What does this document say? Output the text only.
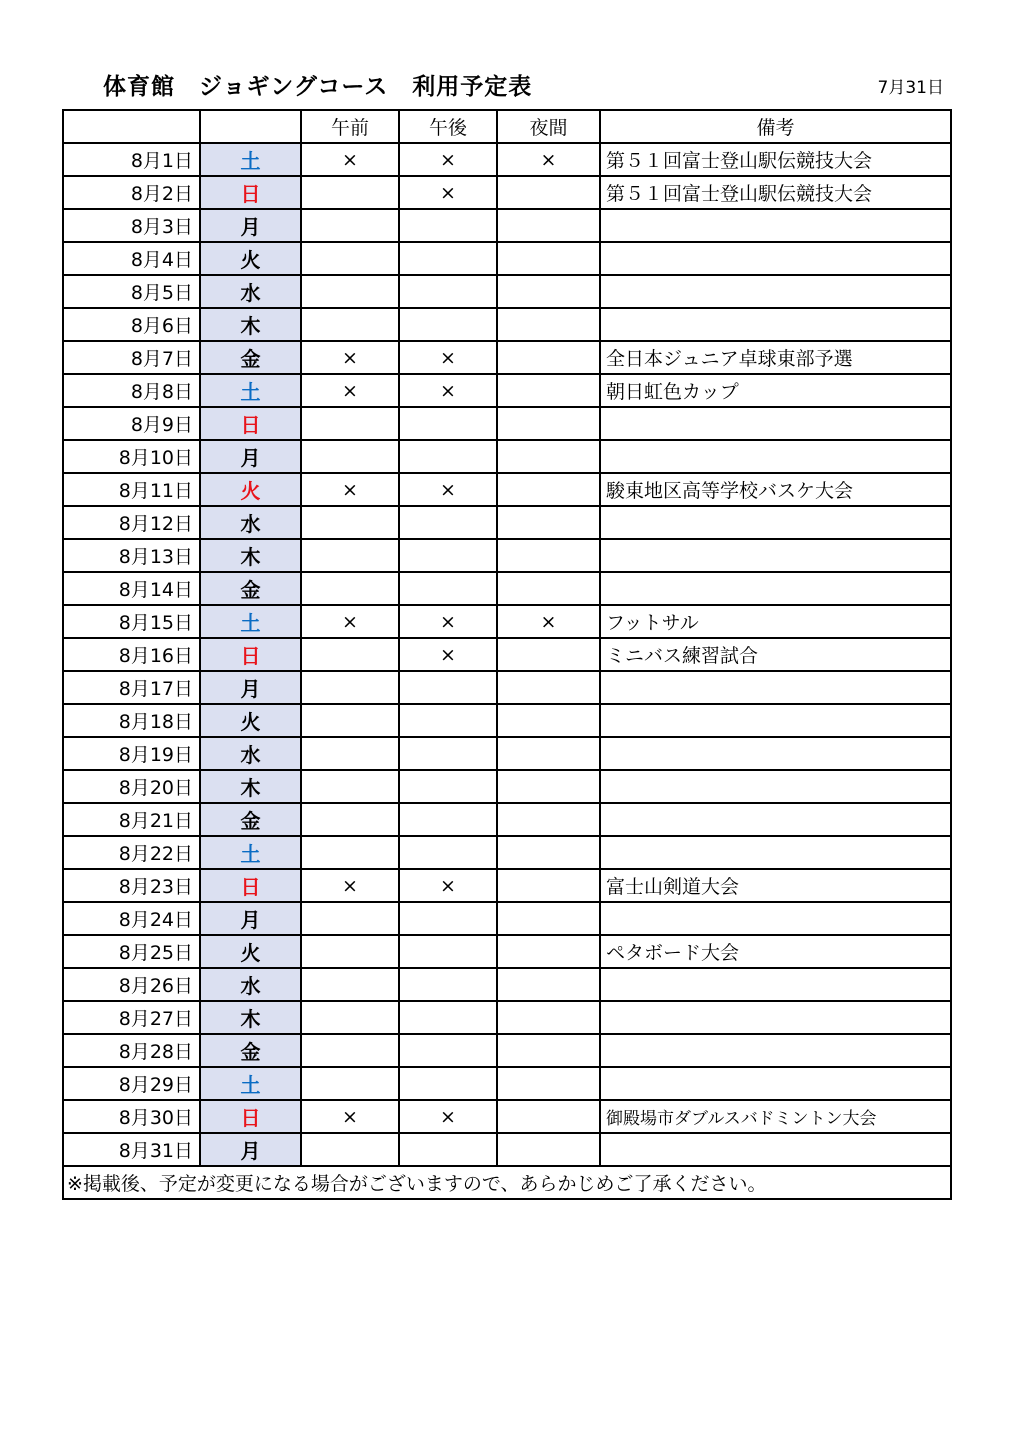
体育館　ジョギングコース　利用予定表	7月31日
		午前	午後	夜間	備考
8月1日	土	×	×	×	第５１回富士登山駅伝競技大会
8月2日	日		×		第５１回富士登山駅伝競技大会
8月3日	月				
8月4日	火				
8月5日	水				
8月6日	木				
8月7日	金	×	×		全日本ジュニア卓球東部予選
8月8日	土	×	×		朝日虹色カップ
8月9日	日				
8月10日	月				
8月11日	火	×	×		駿東地区高等学校バスケ大会
8月12日	水				
8月13日	木				
8月14日	金				
8月15日	土	×	×	×	フットサル
8月16日	日		×		ミニバス練習試合
8月17日	月				
8月18日	火				
8月19日	水				
8月20日	木				
8月21日	金				
8月22日	土				
8月23日	日	×	×		富士山剣道大会
8月24日	月				
8月25日	火				ペタボード大会
8月26日	水				
8月27日	木				
8月28日	金				
8月29日	土				
8月30日	日	×	×		御殿場市ダブルスバドミントン大会
8月31日	月				
※掲載後、予定が変更になる場合がございますので、あらかじめご了承ください。					
